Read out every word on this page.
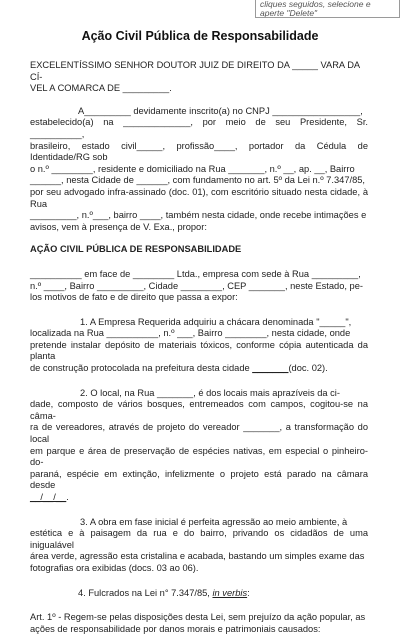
cliques seguidos, selecione e
aperte "Delete"
Ação Civil Pública de Responsabilidade

EXCELENTÍSSIMO SENHOR DOUTOR JUIZ DE DIREITO DA _____ VARA DA CÍ-

VEL A COMARCA DE _________.

A_________ devidamente inscrito(a) no CNPJ _________________,

estabelecido(a) na _____________, por meio de seu Presidente, Sr. __________,

brasileiro, estado civil_____, profissão____, portador da Cédula de Identidade/RG sob

o n.º ________, residente e domiciliado na Rua _______, n.º __, ap. __, Bairro

______, nesta Cidade de ______, com fundamento no art. 5º da Lei n.º 7.347/85,

por seu advogado infra-assinado (doc. 01), com escritório situado nesta cidade, à Rua

_________, n.º___, bairro ____, também nesta cidade, onde recebe intimações e

avisos, vem à presença de V. Exa., propor:

AÇÃO CIVIL PÚBLICA DE RESPONSABILIDADE

__________ em face de ________ Ltda., empresa com sede à Rua _________,

n.º ____, Bairro _________, Cidade ________, CEP _______, neste Estado, pe-

los motivos de fato e de direito que passa a expor:

1. A Empresa Requerida adquiriu a chácara denominada "_____",

localizada na Rua __________, n.º ___, Bairro ________, nesta cidade, onde

pretende instalar depósito de materiais tóxicos, conforme cópia autenticada da planta

de construção protocolada na prefeitura desta cidade _______(doc. 02).

2. O local, na Rua _______, é dos locais mais aprazíveis da ci-

dade, composto de vários bosques, entremeados com campos, cogitou-se na câma-

ra de vereadores, através de projeto do vereador _______, a transformação do local

em parque e área de preservação de espécies nativas, em especial o pinheiro-do-

paraná, espécie em extinção, infelizmente o projeto está parado na câmara desde

__/__/__.

3. A obra em fase inicial é perfeita agressão ao meio ambiente, à

estética e à paisagem da rua e do bairro, privando os cidadãos de uma inigualável

área verde, agressão esta cristalina e acabada, bastando um simples exame das

fotografias ora exibidas (docs. 03 ao 06).

4. Fulcrados na Lei n° 7.347/85, in verbis:

Art. 1º - Regem-se pelas disposições desta Lei, sem prejuízo da ação popular, as

ações de responsabilidade por danos morais e patrimoniais causados:
